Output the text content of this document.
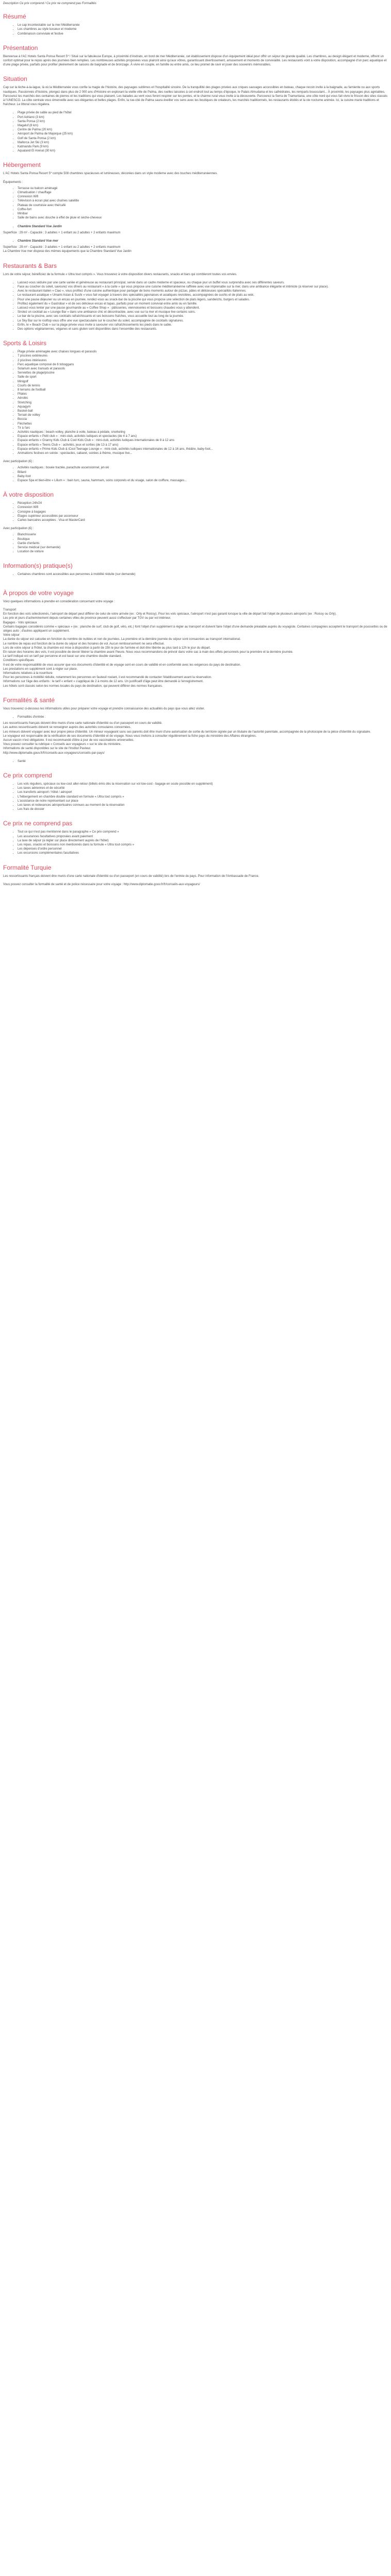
Description Ce prix comprend / Ce prix ne comprend pas Formalités

Résumé
• Le cap incontestable sur la mer Méditerranée
• Les chambres au style luxueux et moderne
• Combinaison conviviale et festive
Présentation

Bienvenue à l'AC Hotels Santa Ponsa Resort 5* ! Situé sur la fabuleuse Europe, à proximité d'Andratx, en bord de mer Méditerranée, cet établissement dispose d'un équipement idéal pour offrir un séjour de grande qualité. Les chambres, au design élégant et moderne, offrent un confort optimal pour le repos après des journées bien remplies. Les nombreuses activités proposées vous plairont ainsi qu'aux vôtres, garantissant divertissement, amusement et moments de convivialité. Les restaurants vont à votre disposition, accompagné d'un parc aquatique et d'une plage privée, parfaits pour profiter pleinement de saisons de baignade et de bronzage. À vivre en couple, en famille ou entre amis, ce lieu promet de ravir et jouer des souvenirs mémorables.

Situation

Cap sur la lèche-à-la-lague, là où la Méditerranée vous confie la magie de l'histoire, des paysages sublimes et l'hospitalité sincère. De la tranquillité des plages privées aux criques sauvages accessibles en bateau, chaque recoin invite à la baignade, au farniente ou aux sports nautiques. Passionnés d'histoire, plongez dans plus de 2 000 ans d'Histoire en explorant la vieille ville de Palma, des ruelles laissées à cet endroit tout au temps d'époque, le Palais Almudaina et les cathédrales, les remparts bousculant... À proximité, les paysages plus agréables. Parcourez les marchés des centaines de pierres et les traditions qui vous plaisent. Les balades au vent vous feront respirer sur les pentes, et le charme rural vous invite à la découverte. Parcourez la Serra de Tramuntana, une côte nord qui vous fait vivre le frisson des sites classés à l'UNESCO. La côte centrale vous émerveille avec ses élégantes et belles plages. Enfin, la rue-cité de Palma saura éveiller vos sens avec les boutiques de créateurs, les marchés traditionnels, les restaurants étoilés et la vie nocturne animée. Ici, la cuisine marie traditions et fraîcheur. Le littoral vous régalera.

• Plage privée de sable au pied de l'hôtel
• Port Adriano (3 km)
• Santa Ponsa (2 km)
• Magaluf (8 km)
• Centre de Palma (20 km)
• Aéroport de Palma de Majorque (25 km)
• Golf de Santa Ponsa (2 km)
• Mallorca Jet Ski (3 km)
• Katmandu Park (9 km)
• Aqualand El Arenal (30 km)
Hébergement

L'AC Hotels Santa Ponsa Resort 5* compte 508 chambres spacieuses et lumineuses, décorées dans un style moderne avec des touches méditerranéennes.

Équipements :

• Terrasse ou balcon aménagé
• Climatisation / chauffage
• Connexion Wifi
• Télévision à écran plat avec chaînes satellite
• Plateau de courtoisie avec thé/café
• Coffre-fort
• Minibar
• Salle de bains avec douche à effet de pluie et sèche-cheveux
• Chambre Standard Vue Jardin

Superficie : 29 m² - Capacité : 3 adultes + 1 enfant ou 2 adultes + 2 enfants maximum

• Chambre Standard Vue mer

Superficie : 29 m² - Capacité : 3 adultes + 1 enfant ou 2 adultes + 2 enfants maximum

La Chambre Vue mer dispose des mêmes équipements que la Chambre Standard Vue Jardin

Restaurants & Bars

Lors de votre séjour, bénéficiez de la formule « Ultra tout compris ». Vous trouverez à votre disposition divers restaurants, snacks et bars qui combleront toutes vos envies.

• Laissez-vous séduire par une carte variée et généreuse au restaurant principal, servie dans un cadre moderne et spacieux, ou chaque jour un buffet vous surprendra avec ses différentes saveurs.
• Face au coucher du soleil, savourez vos dîners au restaurant « à la carte » qui vous propose une cuisine méditerranéenne raffinée avec vue imprenable sur la mer, dans une ambiance élégante et intimiste (à réserver sur place).
• Avec le restaurant italien « Ciao », vous profitez d'une cuisine authentique pour partager de bons moments autour de pizzas, pâtes et délicieuses spécialités italiennes.
• Le restaurant asiatique « Umami Asian & Sushi » vous fait voyager à travers des spécialités japonaises et asiatiques revisitées, accompagnées de sushis et de plats au wok.
• Pour une pause déjeuner ou un encas en journée, rendez-vous au snack-bar de la piscine qui vous propose une sélection de plats légers, sandwichs, burgers et salades.
• Profitez également du « Gastrobar » et de ses délicieux encas et tapas, parfaits pour un moment convivial entre amis ou en famille.
• Laissez-vous tenter par une pause gourmande au « Coffee Shop » : pâtisseries, viennoiseries et boissons chaudes vous y attendent.
• Sirotez un cocktail au « Lounge Bar » dans une ambiance chic et décontractée, avec vue sur la mer et musique live certains soirs.
• Le bar de la piscine, avec ses cocktails rafraîchissants et ses boissons fraîches, vous accueille tout au long de la journée.
• Le Sky Bar sur le rooftop vous offre une vue spectaculaire sur le coucher du soleil, accompagnée de cocktails signatures.
• Enfin, le « Beach Club » sur la plage privée vous invite à savourer vos rafraîchissements les pieds dans le sable.
• Des options végétariennes, véganes et sans gluten sont disponibles dans l'ensemble des restaurants.
Sports & Loisirs
• Plage privée aménagée avec chaises longues et parasols
• 7 piscines extérieures
• 2 piscines intérieures
• Parc aquatique composé de 6 toboggans
• Solarium avec transats et parasols
• Serviettes de plage/piscine
• Salle de sport
• Minigolf
• Courts de tennis
• 8 terrains de football
• Pilates
• Aérobic
• Stretching
• Aquagym
• Basket-ball
• Terrain de volley
• Boccia
• Fléchettes
• Tir à l'arc
• Activités nautiques : beach-volley, planche à voile, bateau à pédale, snorkeling
• Espace enfants « Petit club » : mini-club, activités ludiques et spectacles (de 4 à 7 ans)
• Espace enfants « Granny Kids Club & Cool Kids Club » : mini-club, activités ludiques internationales de 8 à 12 ans
• Espace enfants « Teens Club » : activités, jeux et sorties (de 13 à 17 ans)
• Espace enfants « Prime Kids Club & iCool Teenage Lounge » : mini-club, activités ludiques internationales de 12 à 16 ans, théâtre, baby-foot...
• Animations festives en soirée : spectacles, cabaret, soirées à thème, musique live...

Avec participation (€) :

• Activités nautiques : bouée tractée, parachute ascensionnel, jet-ski
• Billard
• Baby-foot
• Espace Spa et bien-être « Lilium » : bain turc, sauna, hammam, soins corporels et du visage, salon de coiffure, massages...
À votre disposition
• Réception 24h/24
• Connexion Wifi
• Consigne à bagages
• Étages supérieur accessibles par ascenseur
• Cartes bancaires acceptées : Visa et MasterCard

Avec participation (€) :

• Blanchisserie
• Boutique
• Garde d'enfants
• Service médical (sur demande)
• Location de voiture
Information(s) pratique(s)
• Certaines chambres sont accessibles aux personnes à mobilité réduite (sur demande)
À propos de votre voyage

Voici quelques informations à prendre en considération concernant votre voyage :

Transport

En fonction des vols sélectionnés, l'aéroport de départ peut différer de celui de votre arrivée (ex : Orly et Roissy). Pour les vols spéciaux, l'aéroport n'est pas garanti lorsque la ville de départ fait l'objet de plusieurs aéroports (ex : Roissy ou Orly).

Les prix et jours d'acheminement depuis certaines villes de province peuvent aussi s'effectuer par TGV ou par vol intérieur.

Bagages - Vols spéciaux

Certains bagages considérés comme « spéciaux » (ex : planche de surf, club de golf, vélo, etc.) font l'objet d'un supplément à régler au transport et doivent faire l'objet d'une demande préalable auprès du voyagiste. Certaines compagnies acceptent le transport de poussettes ou de sièges auto ; d'autres appliquent un supplément.

Votre séjour

La durée du séjour est calculée en fonction du nombre de nuitées et non de journées. La première et la dernière journée du séjour sont consacrées au transport international.

Le nombre de repas est fonction de la durée du séjour et des horaires de vol. Aucun remboursement ne sera effectué.

Lors de votre séjour à l'hôtel, la chambre est mise à disposition à partir de 15h le jour de l'arrivée et doit être libérée au plus tard à 12h le jour du départ.

En raison des horaires des vols, il est possible de devoir libérer la chambre avant l'heure. Nous vous recommandons de prévoir dans votre sac à main des effets personnels pour la première et la dernière journée.

Le tarif indiqué est un tarif par personne et est basé sur une chambre double standard.

Conditions spécifiques

Il est de votre responsabilité de vous assurer que vos documents d'identité et de voyage sont en cours de validité et en conformité avec les exigences du pays de destination.

Les prestations en supplément sont à régler sur place.

Informations relatives à la nourriture

Pour les personnes à mobilité réduite, notamment les personnes en fauteuil roulant, il est recommandé de contacter l'établissement avant la réservation.

Informations sur l'âge des enfants : le tarif « enfant » s'applique de 2 à moins de 12 ans. Un justificatif d'âge peut être demandé à l'enregistrement.

Les hôtels sont classés selon les normes locales du pays de destination, qui peuvent différer des normes françaises.

Formalités & santé

Vous trouverez ci-dessous les informations utiles pour préparer votre voyage et prendre connaissance des actualités du pays que vous allez visiter.

• Formalités d'entrée :

Les ressortissants français doivent être munis d'une carte nationale d'identité ou d'un passeport en cours de validité.

Les autres ressortissants doivent se renseigner auprès des autorités consulaires concernées.

Les mineurs doivent voyager avec leur propre pièce d'identité. Un mineur voyageant sans ses parents doit être muni d'une autorisation de sortie du territoire signée par un titulaire de l'autorité parentale, accompagnée de la photocopie de la pièce d'identité du signataire.

Le voyageur est responsable de la vérification de ses documents d'identité et de voyage. Nous vous invitons à consulter régulièrement la fiche pays du ministère des Affaires étrangères.

Aucun vaccin n'est obligatoire. Il est recommandé d'être à jour de vos vaccinations universelles.

Vous pouvez consulter la rubrique « Conseils aux voyageurs » sur le site du ministère.

Informations de santé disponibles sur le site de l'Institut Pasteur.

http://www.diplomatie.gouv.fr/fr/conseils-aux-voyageurs/conseils-par-pays/

• Santé
Ce prix comprend
• Les vols réguliers, spéciaux ou low-cost aller-retour (billets émis dès la réservation sur vol low-cost - bagage en soute possible en supplément)
• Les taxes aériennes et de sécurité
• Les transferts aéroport / hôtel / aéroport
• L'hébergement en chambre double standard en formule « Ultra tout compris »
• L'assistance de notre représentant sur place
• Les taxes et redevances aéroportuaires connues au moment de la réservation
• Les frais de dossier
Ce prix ne comprend pas
• Tout ce qui n'est pas mentionné dans le paragraphe « Ce prix comprend »
• Les assurances facultatives proposées avant paiement
• La taxe de séjour (à régler sur place directement auprès de l'hôtel)
• Les repas, snacks et boissons non mentionnés dans la formule « Ultra tout compris »
• Les dépenses d'ordre personnel
• Les excursions complémentaires facultatives
Formalité Turquie

Les ressortissants français doivent être munis d'une carte nationale d'identité ou d'un passeport (en cours de validité) lors de l'entrée du pays. Pour information de l'Ambassade de France.

Vous pouvez consulter la formalité de santé et de police nécessaire pour votre voyage : http://www.diplomatie.gouv.fr/fr/conseils-aux-voyageurs/
